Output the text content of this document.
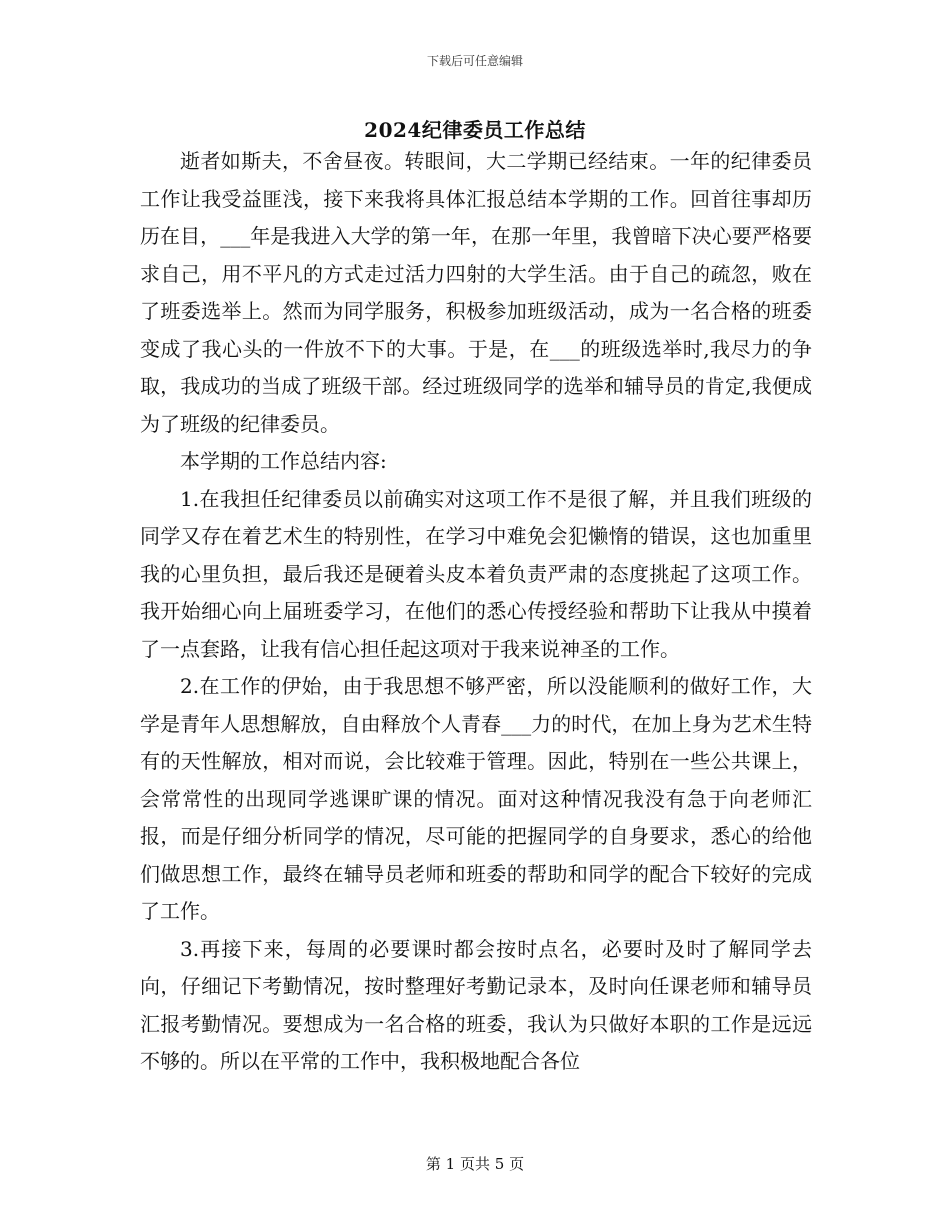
下载后可任意编辑
2024纪律委员工作总结

逝者如斯夫，不舍昼夜。转眼间，大二学期已经结束。一年的纪律委员工作让我受益匪浅，接下来我将具体汇报总结本学期的工作。回首往事却历历在目，___年是我进入大学的第一年，在那一年里，我曾暗下决心要严格要求自己，用不平凡的方式走过活力四射的大学生活。由于自己的疏忽，败在了班委选举上。然而为同学服务，积极参加班级活动，成为一名合格的班委变成了我心头的一件放不下的大事。于是，在___的班级选举时,我尽力的争取，我成功的当成了班级干部。经过班级同学的选举和辅导员的肯定,我便成为了班级的纪律委员。

本学期的工作总结内容:

1.在我担任纪律委员以前确实对这项工作不是很了解，并且我们班级的同学又存在着艺术生的特别性，在学习中难免会犯懒惰的错误，这也加重里我的心里负担，最后我还是硬着头皮本着负责严肃的态度挑起了这项工作。我开始细心向上届班委学习，在他们的悉心传授经验和帮助下让我从中摸着了一点套路，让我有信心担任起这项对于我来说神圣的工作。

2.在工作的伊始，由于我思想不够严密，所以没能顺利的做好工作，大学是青年人思想解放，自由释放个人青春___力的时代，在加上身为艺术生特有的天性解放，相对而说，会比较难于管理。因此，特别在一些公共课上，会常常性的出现同学逃课旷课的情况。面对这种情况我没有急于向老师汇报，而是仔细分析同学的情况，尽可能的把握同学的自身要求，悉心的给他们做思想工作，最终在辅导员老师和班委的帮助和同学的配合下较好的完成了工作。

3.再接下来，每周的必要课时都会按时点名，必要时及时了解同学去向，仔细记下考勤情况，按时整理好考勤记录本，及时向任课老师和辅导员汇报考勤情况。要想成为一名合格的班委，我认为只做好本职的工作是远远不够的。所以在平常的工作中，我积极地配合各位

第 1 页共 5 页
